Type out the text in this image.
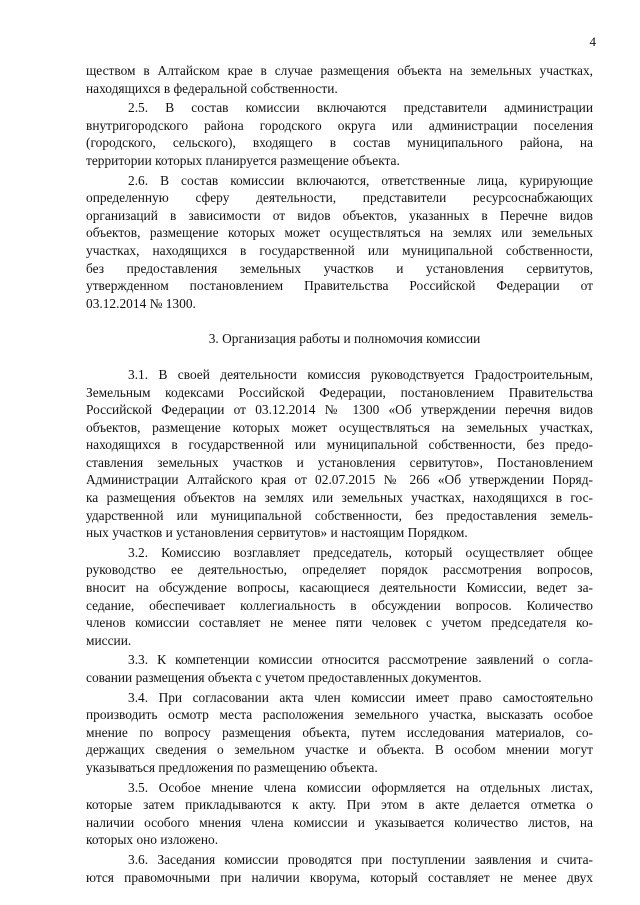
4
ществом в Алтайском крае в случае размещения объекта на земельных участках,
находящихся в федеральной собственности.
2.5. В состав комиссии включаются представители администрации
внутригородского района городского округа или администрации поселения
(городского, сельского), входящего в состав муниципального района, на
территории которых планируется размещение объекта.
2.6. В состав комиссии включаются, ответственные лица, курирующие
определенную сферу деятельности, представители ресурсоснабжающих
организаций в зависимости от видов объектов, указанных в Перечне видов
объектов, размещение которых может осуществляться на землях или земельных
участках, находящихся в государственной или муниципальной собственности,
без предоставления земельных участков и установления сервитутов,
утвержденном постановлением Правительства Российской Федерации от
03.12.2014 № 1300.
3. Организация работы и полномочия комиссии
3.1. В своей деятельности комиссия руководствуется Градостроительным,
Земельным кодексами Российской Федерации, постановлением Правительства
Российской Федерации от 03.12.2014 № 1300 «Об утверждении перечня видов
объектов, размещение которых может осуществляться на земельных участках,
находящихся в государственной или муниципальной собственности, без предо-
ставления земельных участков и установления сервитутов», Постановлением
Администрации Алтайского края от 02.07.2015 № 266 «Об утверждении Поряд-
ка размещения объектов на землях или земельных участках, находящихся в гос-
ударственной или муниципальной собственности, без предоставления земель-
ных участков и установления сервитутов» и настоящим Порядком.
3.2. Комиссию возглавляет председатель, который осуществляет общее
руководство ее деятельностью, определяет порядок рассмотрения вопросов,
вносит на обсуждение вопросы, касающиеся деятельности Комиссии, ведет за-
седание, обеспечивает коллегиальность в обсуждении вопросов. Количество
членов комиссии составляет не менее пяти человек с учетом председателя ко-
миссии.
3.3. К компетенции комиссии относится рассмотрение заявлений о согла-
совании размещения объекта с учетом предоставленных документов.
3.4. При согласовании акта член комиссии имеет право самостоятельно
производить осмотр места расположения земельного участка, высказать особое
мнение по вопросу размещения объекта, путем исследования материалов, со-
держащих сведения о земельном участке и объекта. В особом мнении могут
указываться предложения по размещению объекта.
3.5. Особое мнение члена комиссии оформляется на отдельных листах,
которые затем прикладываются к акту. При этом в акте делается отметка о
наличии особого мнения члена комиссии и указывается количество листов, на
которых оно изложено.
3.6. Заседания комиссии проводятся при поступлении заявления и счита-
ются правомочными при наличии кворума, который составляет не менее двух
